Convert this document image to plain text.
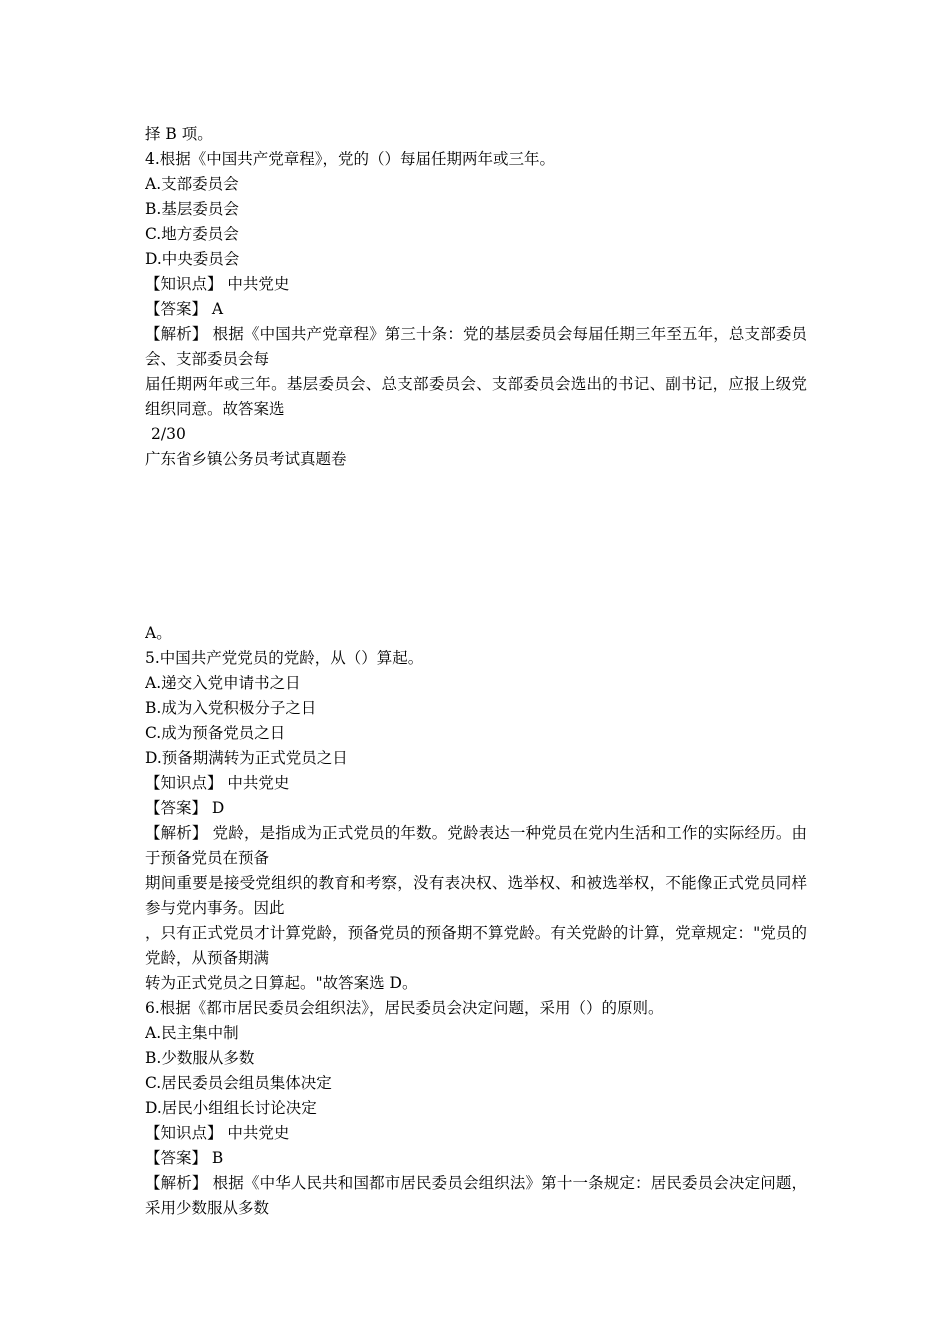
择 B 项。
4.根据《中国共产党章程》，党的（）每届任期两年或三年。
A.支部委员会
B.基层委员会
C.地方委员会
D.中央委员会
【知识点】 中共党史
【答案】 A
【解析】 根据《中国共产党章程》第三十条：党的基层委员会每届任期三年至五年，总支部委员会、支部委员会每
届任期两年或三年。基层委员会、总支部委员会、支部委员会选出的书记、副书记，应报上级党组织同意。故答案选
2/30
广东省乡镇公务员考试真题卷
A。
5.中国共产党党员的党龄，从（）算起。
A.递交入党申请书之日
B.成为入党积极分子之日
C.成为预备党员之日
D.预备期满转为正式党员之日
【知识点】 中共党史
【答案】 D
【解析】 党龄，是指成为正式党员的年数。党龄表达一种党员在党内生活和工作的实际经历。由于预备党员在预备
期间重要是接受党组织的教育和考察，没有表决权、选举权、和被选举权，不能像正式党员同样参与党内事务。因此
，只有正式党员才计算党龄，预备党员的预备期不算党龄。有关党龄的计算，党章规定："党员的党龄，从预备期满
转为正式党员之日算起。"故答案选 D。
6.根据《都市居民委员会组织法》，居民委员会决定问题，采用（）的原则。
A.民主集中制
B.少数服从多数
C.居民委员会组员集体决定
D.居民小组组长讨论决定
【知识点】 中共党史
【答案】 B
【解析】 根据《中华人民共和国都市居民委员会组织法》第十一条规定：居民委员会决定问题，采用少数服从多数
